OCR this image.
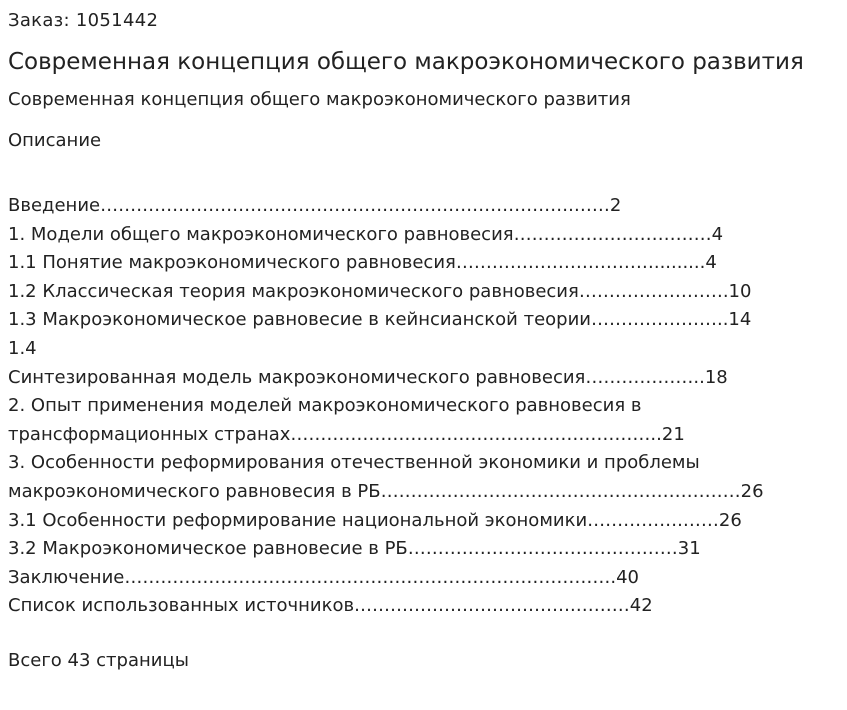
Заказ: 1051442
Современная концепция общего макроэкономического развития
Современная концепция общего макроэкономического развития
Описание
Введение…………………………………………………………………….……2
1. Модели общего макроэкономического равновесия……………………………4
1.1 Понятие макроэкономического равновесия…………………………….........4
1.2 Классическая теория макроэкономического равновесия…………………….10
1.3 Макроэкономическое равновесие в кейнсианской теории…………………..14
1.4
Синтезированная модель макроэкономического равновесия………………..18
2. Опыт применения моделей макроэкономического равновесия в
трансформационных странах……………………………………………………..21
3. Особенности реформирования отечественной экономики и проблемы
макроэкономического равновесия в РБ……………………………………………………26
3.1 Особенности реформирование национальной экономики…………….……26
3.2 Макроэкономическое равновесие в РБ………………………………………31
Заключение……………………………………………………………………….40
Список использованных источников……………………………….………42
Всего 43 страницы
